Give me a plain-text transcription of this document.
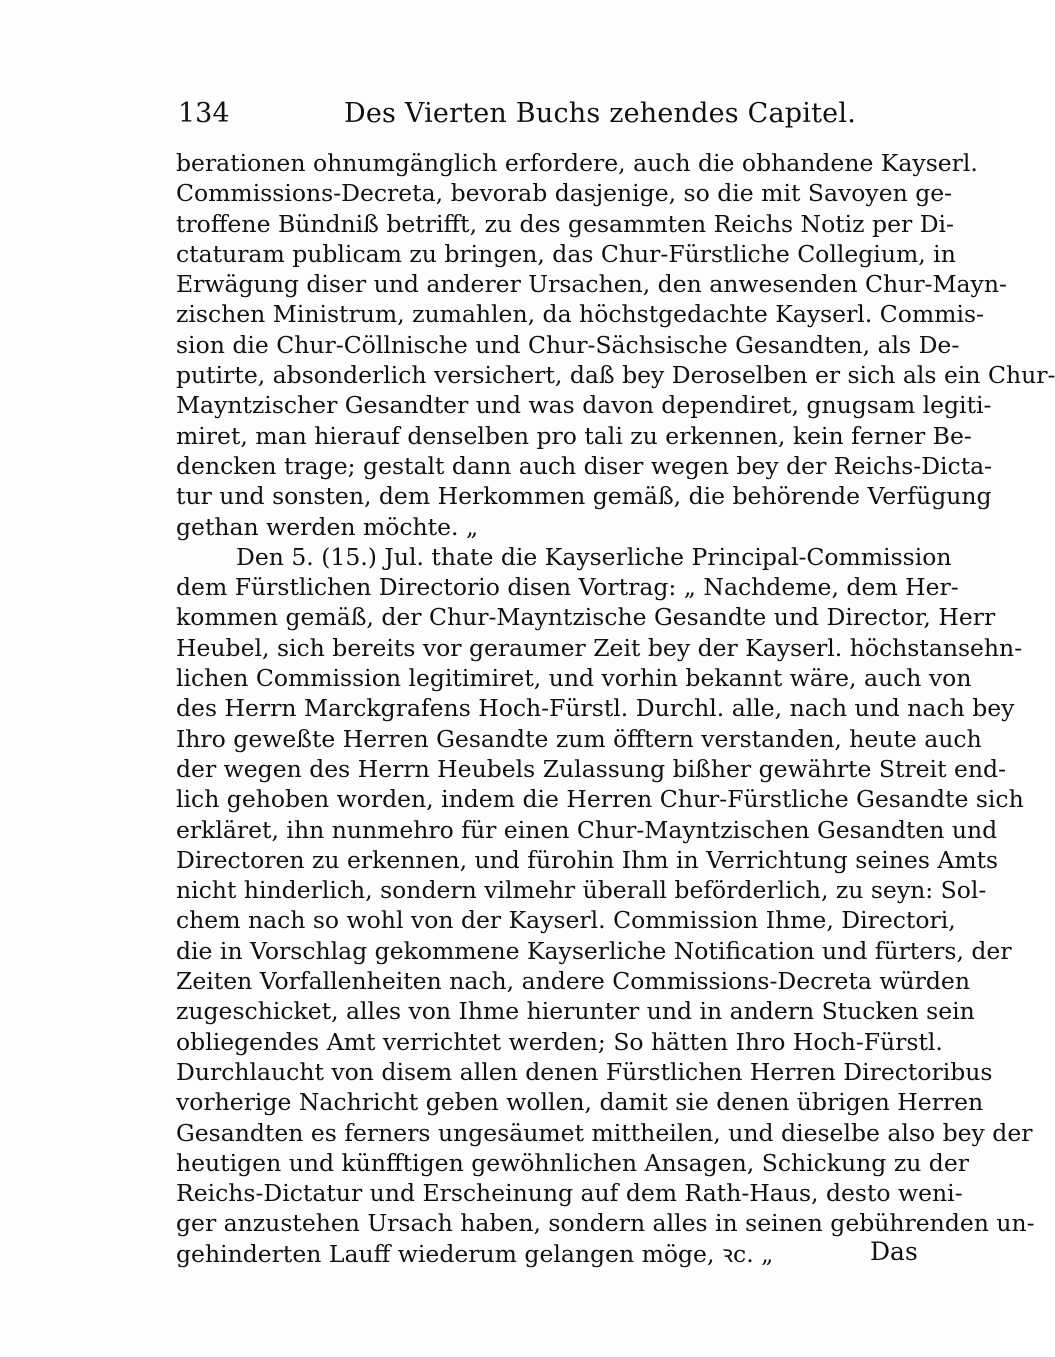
134	Des Vierten Buchs zehendes Capitel.
berationen ohnumgänglich erfordere, auch die obhandene Kayserl.
Commissions-Decreta, bevorab dasjenige, so die mit Savoyen ge-
troffene Bündniß betrifft, zu des gesammten Reichs Notiz per Di-
ctaturam publicam zu bringen, das Chur-Fürstliche Collegium, in
Erwägung diser und anderer Ursachen, den anwesenden Chur-Mayn-
zischen Ministrum, zumahlen, da höchstgedachte Kayserl. Commis-
sion die Chur-Cöllnische und Chur-Sächsische Gesandten, als De-
putirte, absonderlich versichert, daß bey Deroselben er sich als ein Chur-
Mayntzischer Gesandter und was davon dependiret, gnugsam legiti-
miret, man hierauf denselben pro tali zu erkennen, kein ferner Be-
dencken trage; gestalt dann auch diser wegen bey der Reichs-Dicta-
tur und sonsten, dem Herkommen gemäß, die behörende Verfügung
gethan werden möchte. „
Den 5. (15.) Jul. thate die Kayserliche Principal-Commission
dem Fürstlichen Directorio disen Vortrag: „ Nachdeme, dem Her-
kommen gemäß, der Chur-Mayntzische Gesandte und Director, Herr
Heubel, sich bereits vor geraumer Zeit bey der Kayserl. höchstansehn-
lichen Commission legitimiret, und vorhin bekannt wäre, auch von
des Herrn Marckgrafens Hoch-Fürstl. Durchl. alle, nach und nach bey
Ihro geweßte Herren Gesandte zum öfftern verstanden, heute auch
der wegen des Herrn Heubels Zulassung bißher gewährte Streit end-
lich gehoben worden, indem die Herren Chur-Fürstliche Gesandte sich
erkläret, ihn nunmehro für einen Chur-Mayntzischen Gesandten und
Directoren zu erkennen, und fürohin Ihm in Verrichtung seines Amts
nicht hinderlich, sondern vilmehr überall beförderlich, zu seyn: Sol-
chem nach so wohl von der Kayserl. Commission Ihme, Directori,
die in Vorschlag gekommene Kayserliche Notification und fürters, der
Zeiten Vorfallenheiten nach, andere Commissions-Decreta würden
zugeschicket, alles von Ihme hierunter und in andern Stucken sein
obliegendes Amt verrichtet werden; So hätten Ihro Hoch-Fürstl.
Durchlaucht von disem allen denen Fürstlichen Herren Directoribus
vorherige Nachricht geben wollen, damit sie denen übrigen Herren
Gesandten es ferners ungesäumet mittheilen, und dieselbe also bey der
heutigen und künfftigen gewöhnlichen Ansagen, Schickung zu der
Reichs-Dictatur und Erscheinung auf dem Rath-Haus, desto weni-
ger anzustehen Ursach haben, sondern alles in seinen gebührenden un-
gehinderten Lauff wiederum gelangen möge, ꝛc. „	Das
